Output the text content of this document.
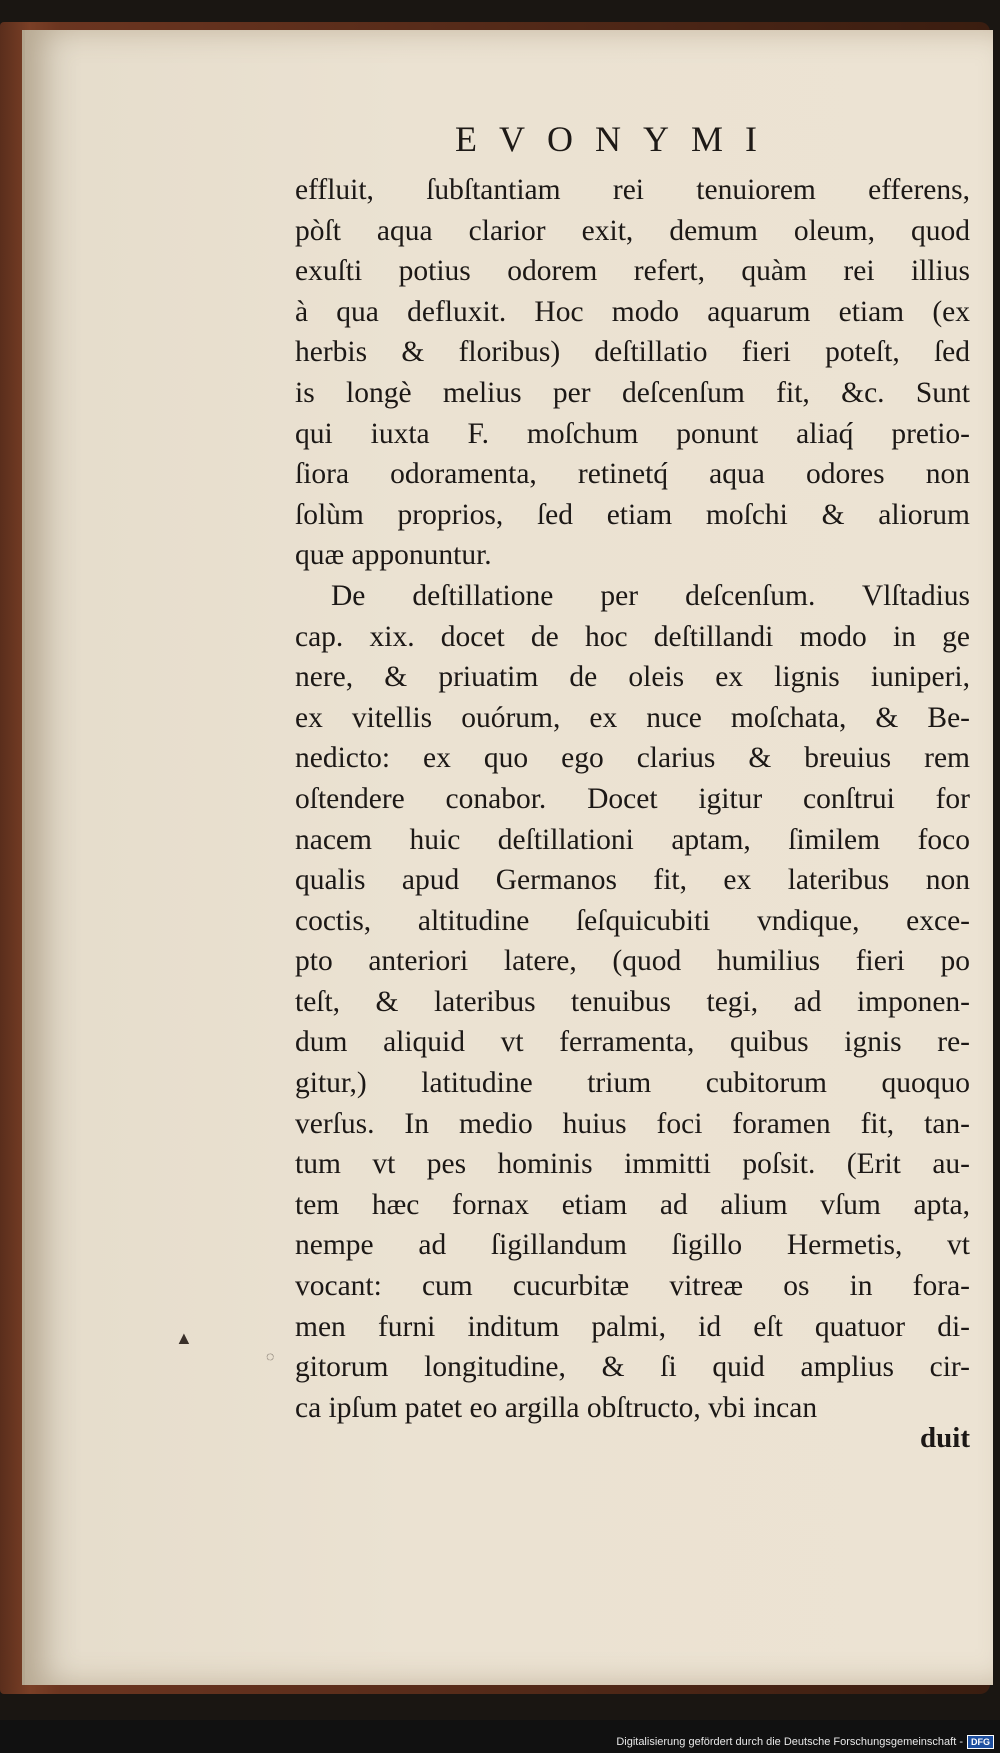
EVONYMI
effluit, ſubſtantiam rei tenuiorem efferens,
pòſt aqua clarior exit, demum oleum, quod
exuſti potius odorem refert, quàm rei illius
à qua defluxit. Hoc modo aquarum etiam (ex
herbis & floribus) deſtillatio fieri poteſt, ſed
is longè melius per deſcenſum fit, &c. Sunt
qui iuxta F. moſchum ponunt aliaq́ pretio-
ſiora odoramenta, retinetq́ aqua odores non
ſolùm proprios, ſed etiam moſchi & aliorum
quæ apponuntur.
De deſtillatione per deſcenſum. Vlſtadius
cap. xix. docet de hoc deſtillandi modo in ge
nere, & priuatim de oleis ex lignis iuniperi,
ex vitellis ouórum, ex nuce moſchata, & Be-
nedicto: ex quo ego clarius & breuius rem
oſtendere conabor. Docet igitur conſtrui for
nacem huic deſtillationi aptam, ſimilem foco
qualis apud Germanos fit, ex lateribus non
coctis, altitudine ſeſquicubiti vndique, exce-
pto anteriori latere, (quod humilius fieri po
teſt, & lateribus tenuibus tegi, ad imponen-
dum aliquid vt ferramenta, quibus ignis re-
gitur,) latitudine trium cubitorum quoquo
verſus. In medio huius foci foramen fit, tan-
tum vt pes hominis immitti poſsit. (Erit au-
tem hæc fornax etiam ad alium vſum apta,
nempe ad ſigillandum ſigillo Hermetis, vt
vocant: cum cucurbitæ vitreæ os in fora-
men furni inditum palmi, id eſt quatuor di-
gitorum longitudine, & ſi quid amplius cir-
ca ipſum patet eo argilla obſtructo, vbi incan
duit
▲
◌
Digitalisierung gefördert durch die Deutsche Forschungsgemeinschaft - DFG
